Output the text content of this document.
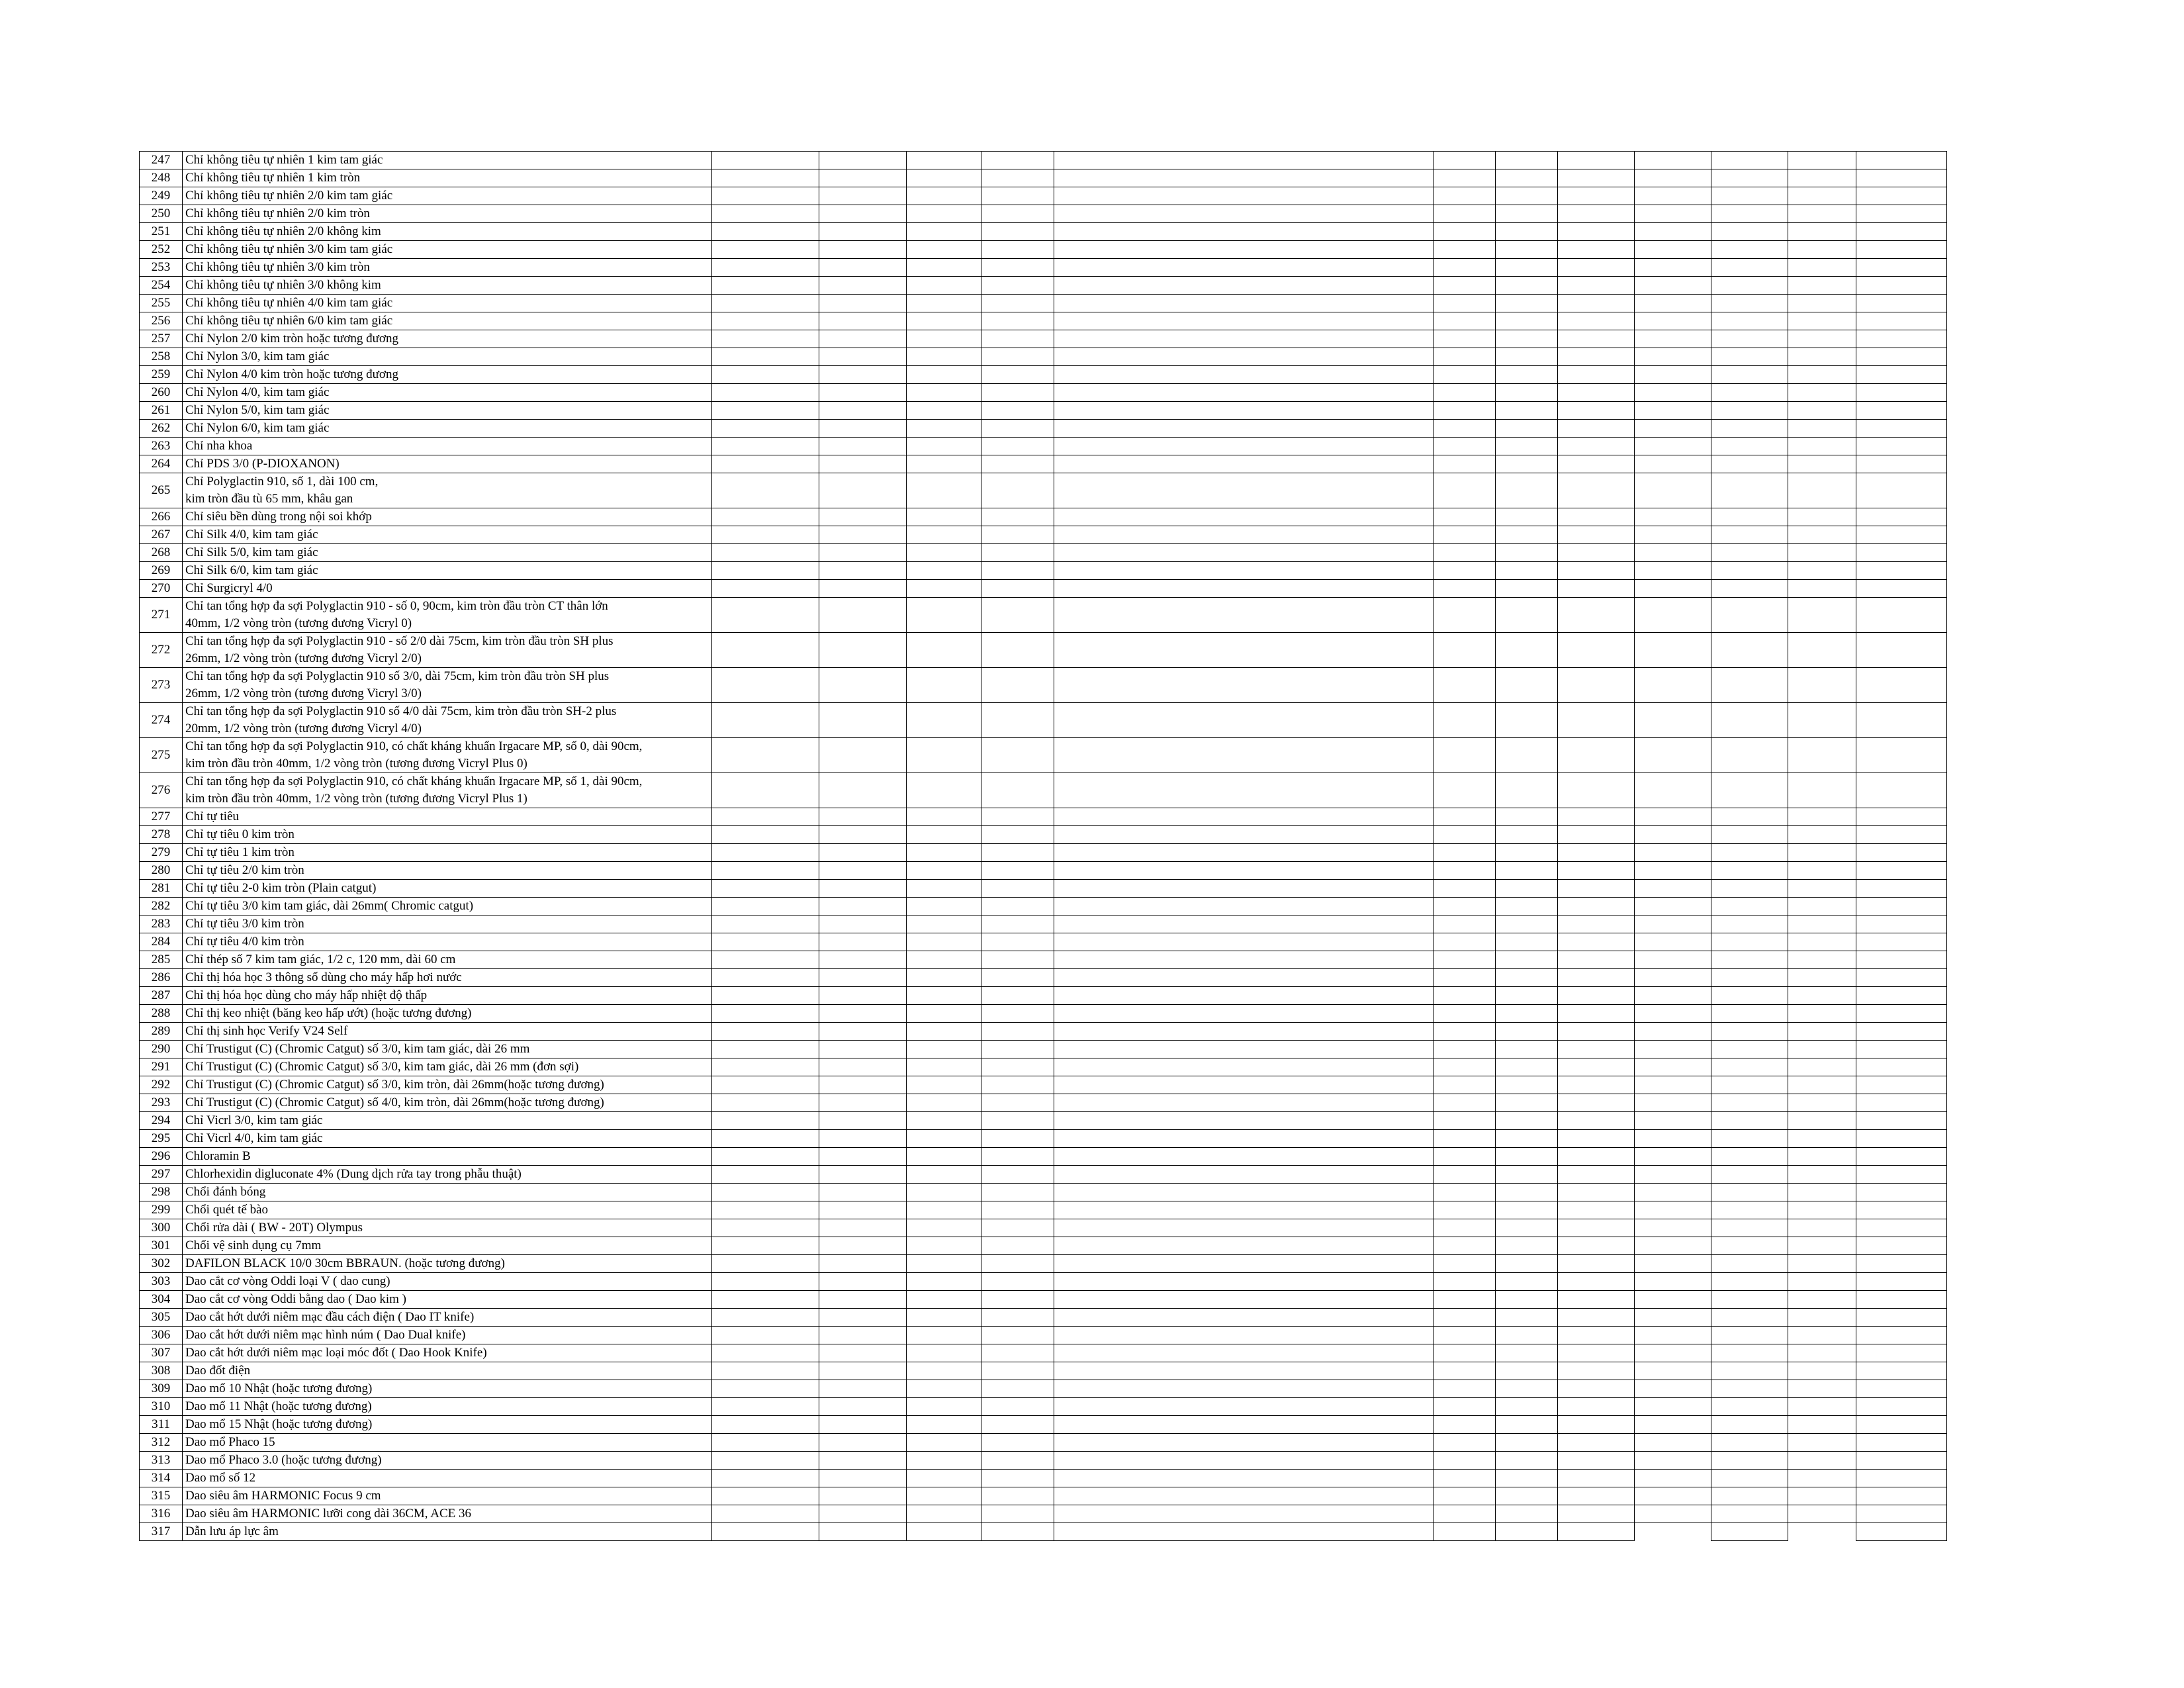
247	Chỉ không tiêu tự nhiên 1 kim tam giác												
248	Chỉ không tiêu tự nhiên 1 kim tròn												
249	Chỉ không tiêu tự nhiên 2/0 kim tam giác												
250	Chỉ không tiêu tự nhiên 2/0 kim tròn												
251	Chỉ không tiêu tự nhiên 2/0 không kim												
252	Chỉ không tiêu tự nhiên 3/0 kim tam giác												
253	Chỉ không tiêu tự nhiên 3/0 kim tròn												
254	Chỉ không tiêu tự nhiên 3/0 không kim												
255	Chỉ không tiêu tự nhiên 4/0 kim tam giác												
256	Chỉ không tiêu tự nhiên 6/0 kim tam giác												
257	Chỉ Nylon 2/0 kim tròn hoặc tương đương												
258	Chỉ Nylon 3/0, kim tam giác												
259	Chỉ Nylon 4/0 kim tròn hoặc tương đương												
260	Chỉ Nylon 4/0, kim tam giác												
261	Chỉ Nylon 5/0, kim tam giác												
262	Chỉ Nylon 6/0, kim tam giác												
263	Chỉ nha khoa												
264	Chỉ PDS 3/0 (P-DIOXANON)												
265	Chỉ Polyglactin 910, số 1, dài 100 cm,
kim tròn đầu tù 65 mm, khâu gan												
266	Chỉ siêu bền dùng trong nội soi khớp												
267	Chỉ Silk 4/0, kim tam giác												
268	Chỉ Silk 5/0, kim tam giác												
269	Chỉ Silk 6/0, kim tam giác												
270	Chỉ Surgicryl 4/0												
271	Chỉ tan tổng hợp đa sợi Polyglactin 910 - số 0, 90cm, kim tròn đầu tròn CT thân lớn
40mm, 1/2 vòng tròn (tương đương Vicryl 0)												
272	Chỉ tan tổng hợp đa sợi Polyglactin 910 - số 2/0 dài 75cm, kim tròn đầu tròn SH plus
26mm, 1/2 vòng tròn (tương đương Vicryl 2/0)												
273	Chỉ tan tổng hợp đa sợi Polyglactin 910 số 3/0, dài 75cm, kim tròn đầu tròn SH plus
26mm, 1/2 vòng tròn (tương đương Vicryl 3/0)												
274	Chỉ tan tổng hợp đa sợi Polyglactin 910 số 4/0 dài 75cm, kim tròn đầu tròn SH-2 plus
20mm, 1/2 vòng tròn (tương đương Vicryl 4/0)												
275	Chỉ tan tổng hợp đa sợi Polyglactin 910, có chất kháng khuẩn Irgacare MP, số 0, dài 90cm,
kim tròn đầu tròn 40mm, 1/2 vòng tròn (tương đương Vicryl Plus 0)												
276	Chỉ tan tổng hợp đa sợi Polyglactin 910, có chất kháng khuẩn Irgacare MP, số 1, dài 90cm,
kim tròn đầu tròn 40mm, 1/2 vòng tròn (tương đương Vicryl Plus 1)												
277	Chỉ tự tiêu												
278	Chỉ tự tiêu 0 kim tròn												
279	Chỉ tự tiêu 1 kim tròn												
280	Chỉ tự tiêu 2/0 kim tròn												
281	Chỉ tự tiêu 2-0 kim tròn (Plain catgut)												
282	Chỉ tự tiêu 3/0 kim tam giác, dài 26mm( Chromic catgut)												
283	Chỉ tự tiêu 3/0 kim tròn												
284	Chỉ tự tiêu 4/0 kim tròn												
285	Chỉ thép số 7 kim tam giác, 1/2 c, 120 mm, dài 60 cm												
286	Chỉ thị hóa học 3 thông số dùng cho máy hấp hơi nước												
287	Chỉ thị hóa học dùng cho máy hấp nhiệt độ thấp												
288	Chỉ thị keo nhiệt (băng keo hấp ướt) (hoặc tương đương)												
289	Chỉ thị sinh học Verify V24 Self												
290	Chỉ Trustigut (C) (Chromic Catgut) số 3/0, kim tam giác, dài 26 mm												
291	Chỉ Trustigut (C) (Chromic Catgut) số 3/0, kim tam giác, dài 26 mm (đơn sợi)												
292	Chỉ Trustigut (C) (Chromic Catgut) số 3/0, kim tròn, dài 26mm(hoặc tương đương)												
293	Chỉ Trustigut (C) (Chromic Catgut) số 4/0, kim tròn, dài 26mm(hoặc tương đương)												
294	Chỉ Vicrl 3/0, kim tam giác												
295	Chỉ Vicrl 4/0, kim tam giác												
296	Chloramin B												
297	Chlorhexidin digluconate 4% (Dung dịch rửa tay trong phẫu thuật)												
298	Chổi đánh bóng												
299	Chổi quét tế bào												
300	Chổi rửa dài ( BW - 20T) Olympus												
301	Chổi vệ sinh dụng cụ 7mm												
302	DAFILON BLACK 10/0 30cm BBRAUN. (hoặc tương đương)												
303	Dao cắt cơ vòng Oddi loại V ( dao cung)												
304	Dao cắt cơ vòng Oddi bằng dao ( Dao kim )												
305	Dao cắt hớt dưới niêm mạc đầu cách điện ( Dao IT knife)												
306	Dao cắt hớt dưới niêm mạc hình núm ( Dao Dual knife)												
307	Dao cắt hớt dưới niêm mạc loại móc đốt ( Dao Hook Knife)												
308	Dao đốt điện												
309	Dao mổ 10 Nhật (hoặc tương đương)												
310	Dao mổ 11 Nhật (hoặc tương đương)												
311	Dao mổ 15 Nhật (hoặc tương đương)												
312	Dao mổ Phaco 15												
313	Dao mổ Phaco 3.0 (hoặc tương đương)												
314	Dao mổ số 12												
315	Dao siêu âm HARMONIC Focus 9 cm												
316	Dao siêu âm HARMONIC lưỡi cong dài 36CM, ACE 36												
317	Dẫn lưu áp lực âm												
